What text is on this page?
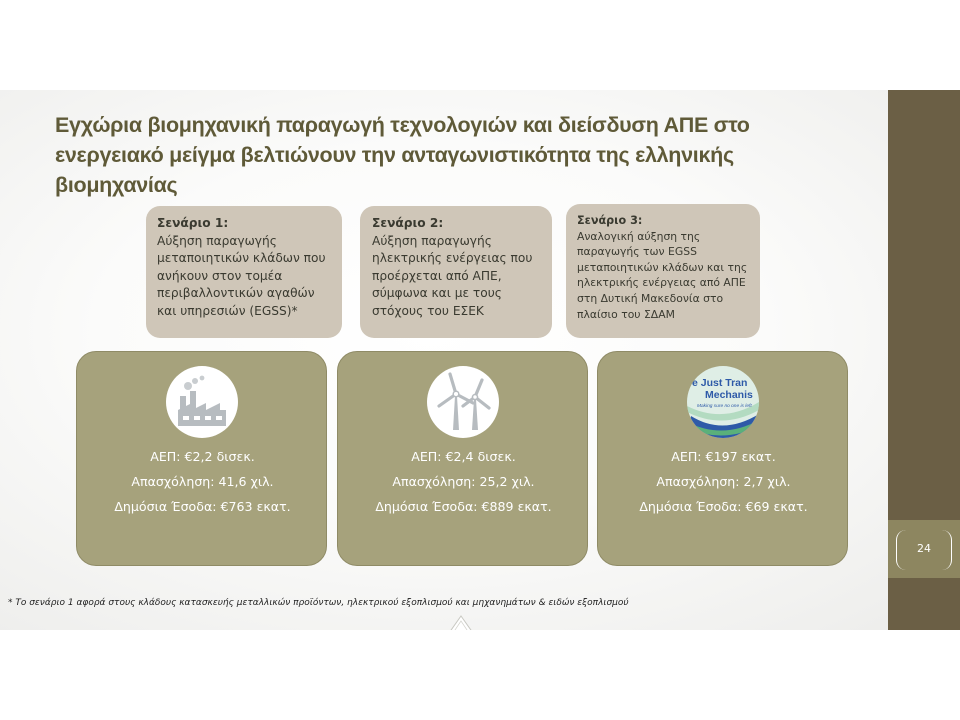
Εγχώρια βιομηχανική παραγωγή τεχνολογιών και διείσδυση ΑΠΕ στο ενεργειακό μείγμα βελτιώνουν την ανταγωνιστικότητα της ελληνικής βιομηχανίας
Σενάριο 1:
Αύξηση παραγωγής μεταποιητικών κλάδων που ανήκουν στον τομέα περιβαλλοντικών αγαθών και υπηρεσιών (EGSS)*
Σενάριο 2:
Αύξηση παραγωγής ηλεκτρικής ενέργειας που προέρχεται από ΑΠΕ, σύμφωνα και με τους στόχους του ΕΣΕΚ
Σενάριο 3:
Αναλογική αύξηση της παραγωγής των EGSS μεταποιητικών κλάδων και της ηλεκτρικής ενέργειας από ΑΠΕ στη Δυτική Μακεδονία στο πλαίσιο του ΣΔΑΜ
ΑΕΠ: €2,2 δισεκ.
Απασχόληση: 41,6 χιλ.
Δημόσια Έσοδα: €763 εκατ.
ΑΕΠ: €2,4 δισεκ.
Απασχόληση: 25,2 χιλ.
Δημόσια Έσοδα: €889 εκατ.
e Just Tran
Mechanis
Making sure no one is left
ΑΕΠ: €197 εκατ.
Απασχόληση: 2,7 χιλ.
Δημόσια Έσοδα: €69 εκατ.
* Το σενάριο 1 αφορά στους κλάδους κατασκευής μεταλλικών προϊόντων, ηλεκτρικού εξοπλισμού και μηχανημάτων & ειδών εξοπλισμού
24
